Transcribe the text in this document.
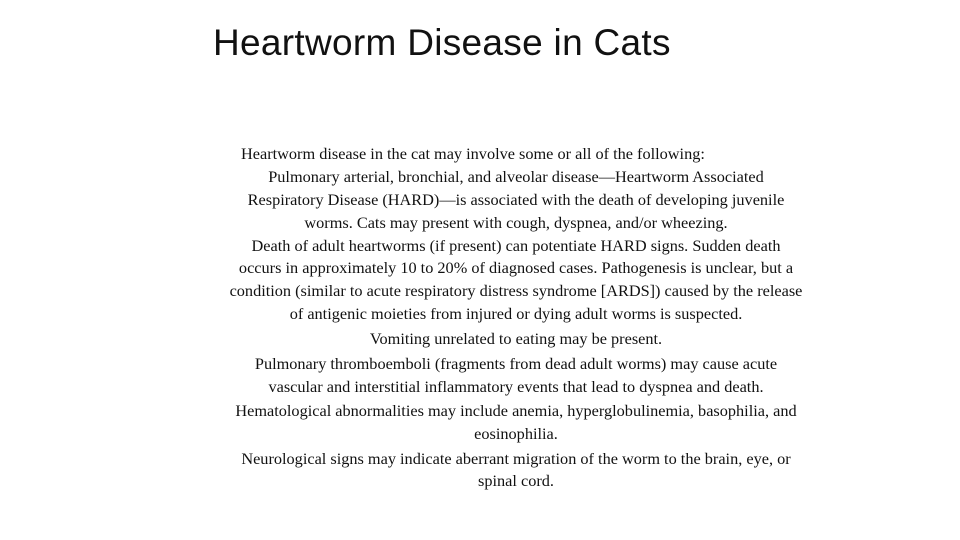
Heartworm Disease in Cats
Heartworm disease in the cat may involve some or all of the following:
Pulmonary arterial, bronchial, and alveolar disease—Heartworm Associated
Respiratory Disease (HARD)—is associated with the death of developing juvenile
worms. Cats may present with cough, dyspnea, and/or wheezing.
Death of adult heartworms (if present) can potentiate HARD signs. Sudden death
occurs in approximately 10 to 20% of diagnosed cases. Pathogenesis is unclear, but a
condition (similar to acute respiratory distress syndrome [ARDS]) caused by the release
of antigenic moieties from injured or dying adult worms is suspected.
Vomiting unrelated to eating may be present.
Pulmonary thromboemboli (fragments from dead adult worms) may cause acute
vascular and interstitial inflammatory events that lead to dyspnea and death.
Hematological abnormalities may include anemia, hyperglobulinemia, basophilia, and
eosinophilia.
Neurological signs may indicate aberrant migration of the worm to the brain, eye, or
spinal cord.
